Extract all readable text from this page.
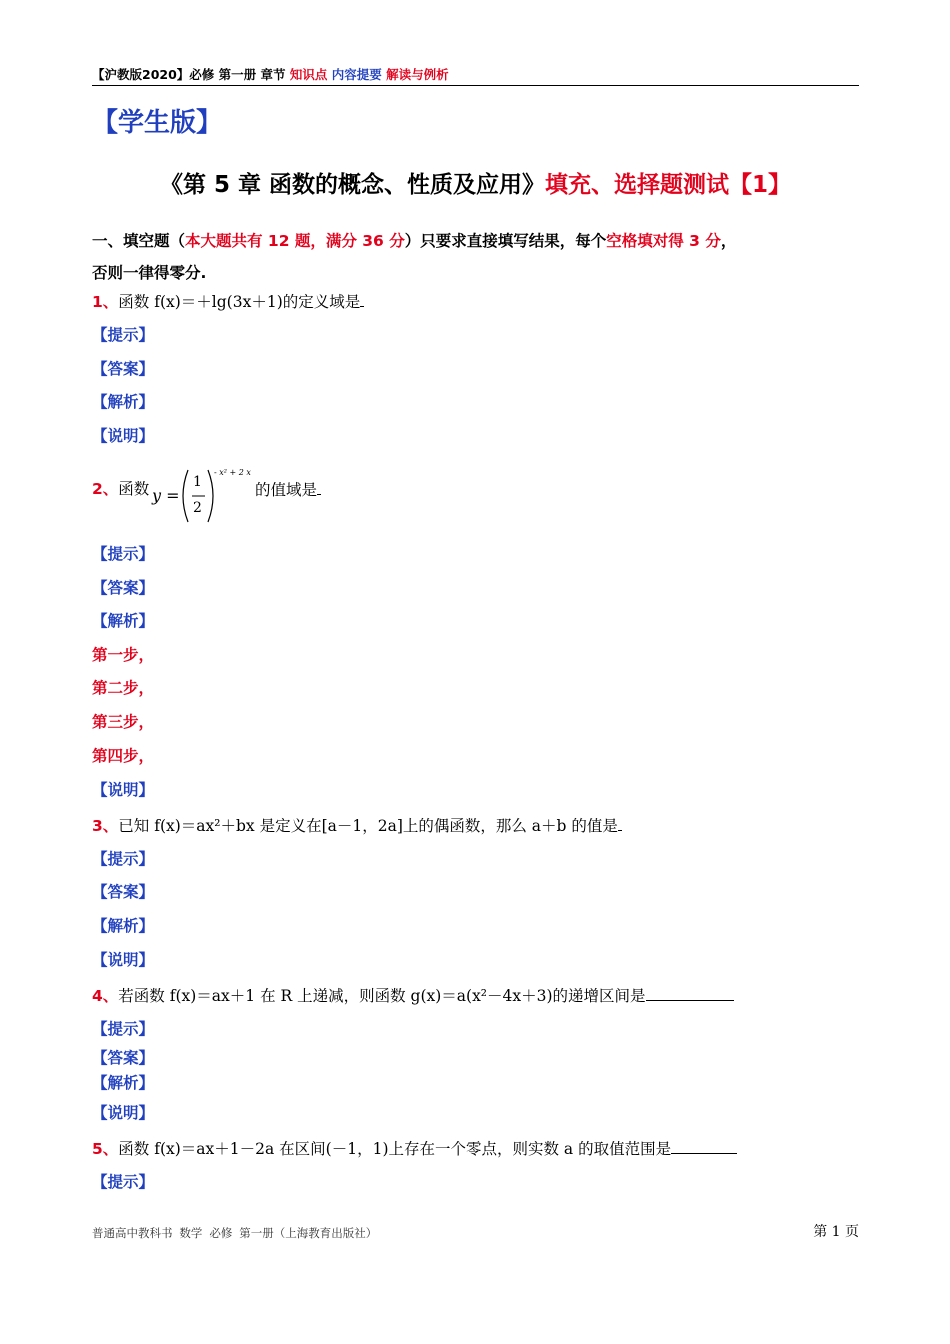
【沪教版2020】必修 第一册 章节 知识点 内容提要 解读与例析
【学生版】
《第 5 章 函数的概念、性质及应用》填充、选择题测试【1】
一、填空题（本大题共有 12 题，满分 36 分）只要求直接填写结果，每个空格填对得 3 分，
否则一律得零分.
1、函数 f(x)＝＋lg(3x＋1)的定义域是
【提示】
【答案】
【解析】
【说明】
2、函数 y =
1
2
- x² + 2 x
的值域是
【提示】
【答案】
【解析】
第一步，
第二步，
第三步，
第四步，
【说明】
3、已知 f(x)＝ax²＋bx 是定义在[a－1，2a]上的偶函数，那么 a＋b 的值是
【提示】
【答案】
【解析】
【说明】
4、若函数 f(x)＝ax＋1 在 R 上递减，则函数 g(x)＝a(x²－4x＋3)的递增区间是
【提示】
【答案】
【解析】
【说明】
5、函数 f(x)＝ax＋1－2a 在区间(－1，1)上存在一个零点，则实数 a 的取值范围是
【提示】
普通高中教科书 数学 必修 第一册（上海教育出版社）	第 1 页
